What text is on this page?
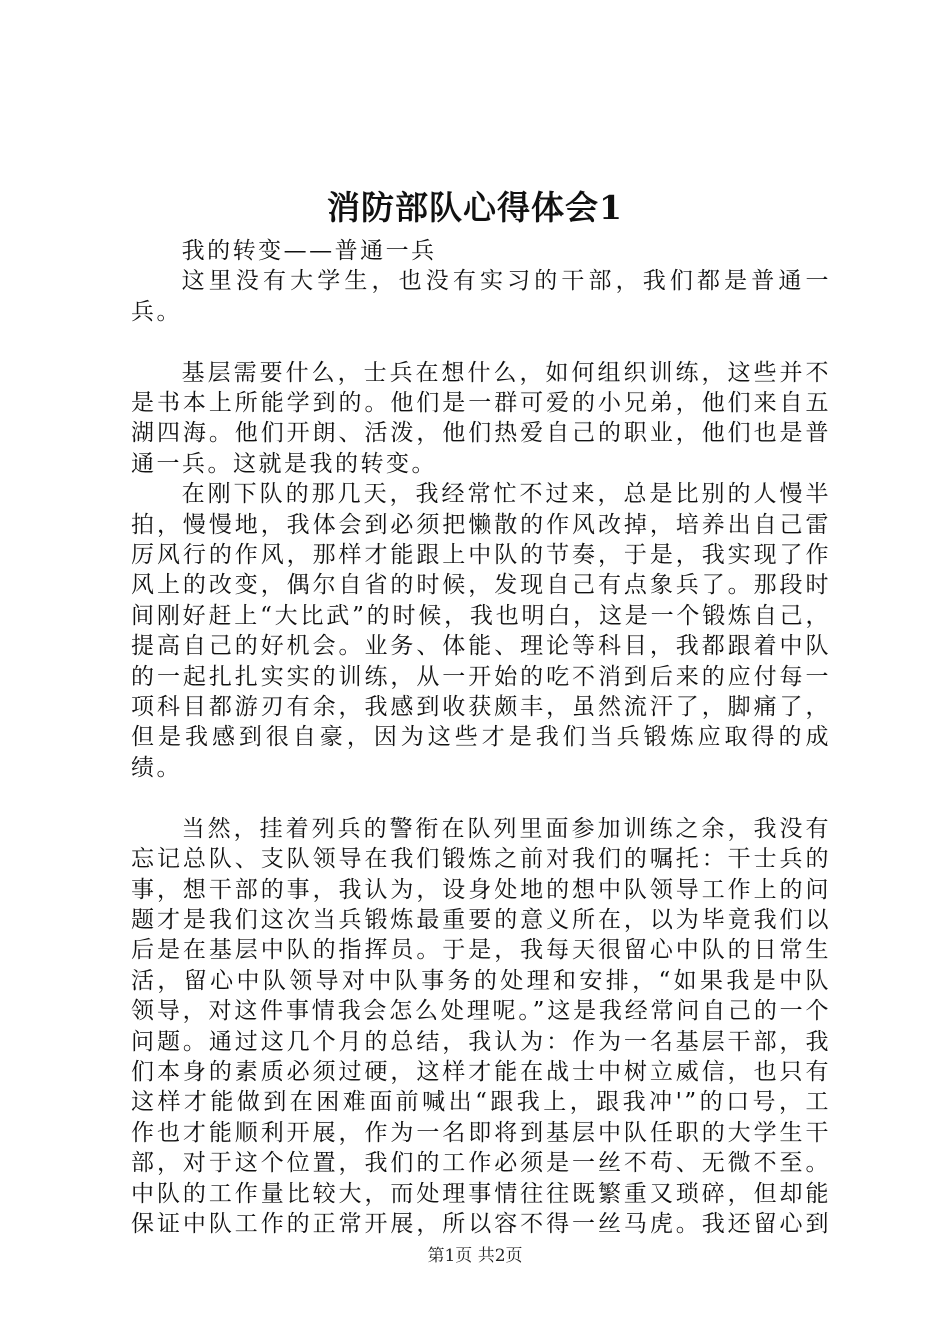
消防部队心得体会1

我的转变——普通一兵

这里没有大学生，也没有实习的干部，我们都是普通一兵。

基层需要什么，士兵在想什么，如何组织训练，这些并不是书本上所能学到的。他们是一群可爱的小兄弟，他们来自五湖四海。他们开朗、活泼，他们热爱自己的职业，他们也是普通一兵。这就是我的转变。

在刚下队的那几天，我经常忙不过来，总是比别的人慢半拍，慢慢地，我体会到必须把懒散的作风改掉，培养出自己雷厉风行的作风，那样才能跟上中队的节奏，于是，我实现了作风上的改变，偶尔自省的时候，发现自己有点象兵了。那段时间刚好赶上“大比武”的时候，我也明白，这是一个锻炼自己，提高自己的好机会。业务、体能、理论等科目，我都跟着中队的一起扎扎实实的训练，从一开始的吃不消到后来的应付每一项科目都游刃有余，我感到收获颇丰，虽然流汗了，脚痛了，但是我感到很自豪，因为这些才是我们当兵锻炼应取得的成绩。

当然，挂着列兵的警衔在队列里面参加训练之余，我没有忘记总队、支队领导在我们锻炼之前对我们的嘱托：干士兵的事，想干部的事，我认为，设身处地的想中队领导工作上的问题才是我们这次当兵锻炼最重要的意义所在，以为毕竟我们以后是在基层中队的指挥员。于是，我每天很留心中队的日常生活，留心中队领导对中队事务的处理和安排，“如果我是中队领导，对这件事情我会怎么处理呢。”这是我经常问自己的一个问题。通过这几个月的总结，我认为：作为一名基层干部，我们本身的素质必须过硬，这样才能在战士中树立威信，也只有这样才能做到在困难面前喊出“跟我上，跟我冲'”的口号，工作也才能顺利开展，作为一名即将到基层中队任职的大学生干部，对于这个位置，我们的工作必须是一丝不苟、无微不至。中队的工作量比较大，而处理事情往往既繁重又琐碎，但却能保证中队工作的正常开展，所以容不得一丝马虎。我还留心到

第1页 共2页
